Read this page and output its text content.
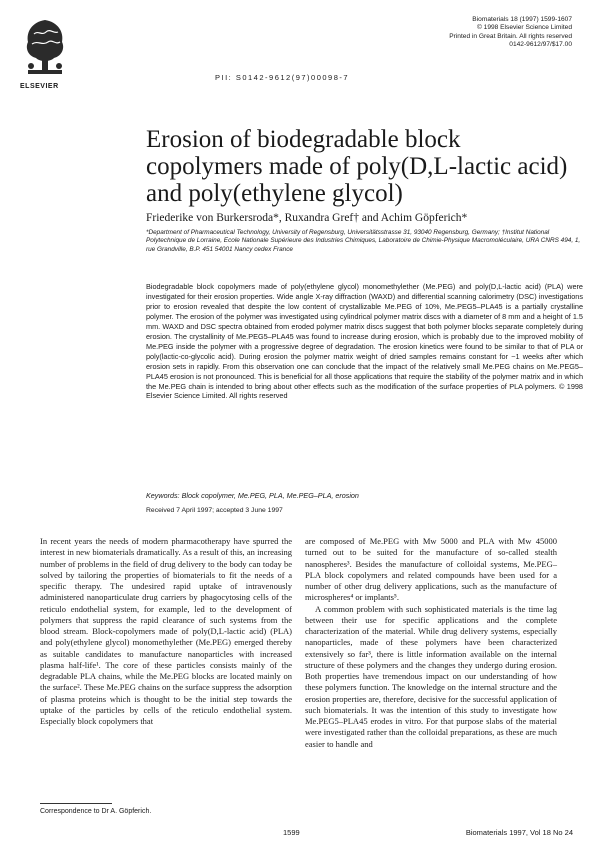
ELSEVIER
PII: S0142-9612(97)00098-7
Biomaterials 18 (1997) 1599-1607
© 1998 Elsevier Science Limited
Printed in Great Britain. All rights reserved
0142-9612/97/$17.00
Erosion of biodegradable block copolymers made of poly(D,L-lactic acid) and poly(ethylene glycol)
Friederike von Burkersroda*, Ruxandra Gref† and Achim Göpferich*
*Department of Pharmaceutical Technology, University of Regensburg, Universitätsstrasse 31, 93040 Regensburg, Germany; †Institut National Polytechnique de Lorraine, Ecole Nationale Supérieure des Industries Chimiques, Laboratoire de Chimie-Physique Macromoléculaire, URA CNRS 494, 1, rue Grandville, B.P. 451 54001 Nancy cedex France
Biodegradable block copolymers made of poly(ethylene glycol) monomethylether (Me.PEG) and poly(D,L-lactic acid) (PLA) were investigated for their erosion properties. Wide angle X-ray diffraction (WAXD) and differential scanning calorimetry (DSC) investigations prior to erosion revealed that despite the low content of crystallizable Me.PEG of 10%, Me.PEG5–PLA45 is a partially crystalline polymer. The erosion of the polymer was investigated using cylindrical polymer matrix discs with a diameter of 8 mm and a height of 1.5 mm. WAXD and DSC spectra obtained from eroded polymer matrix discs suggest that both polymer blocks separate completely during erosion. The crystallinity of Me.PEG5–PLA45 was found to increase during erosion, which is probably due to the improved mobility of Me.PEG inside the polymer with a progressive degree of degradation. The erosion kinetics were found to be similar to that of PLA or poly(lactic-co-glycolic acid). During erosion the polymer matrix weight of dried samples remains constant for ~1 weeks after which erosion sets in rapidly. From this observation one can conclude that the impact of the relatively small Me.PEG chains on Me.PEG5–PLA45 erosion is not pronounced. This is beneficial for all those applications that require the stability of the polymer matrix and in which the Me.PEG chain is intended to bring about other effects such as the modification of the surface properties of PLA polymers. © 1998 Elsevier Science Limited. All rights reserved
Keywords: Block copolymer, Me.PEG, PLA, Me.PEG–PLA, erosion
Received 7 April 1997; accepted 3 June 1997

In recent years the needs of modern pharmacotherapy have spurred the interest in new biomaterials dramatically. As a result of this, an increasing number of problems in the field of drug delivery to the body can today be solved by tailoring the properties of biomaterials to fit the needs of a specific therapy. The undesired rapid uptake of intravenously administered nanoparticulate drug carriers by phagocytosing cells of the reticulo endothelial system, for example, led to the development of polymers that suppress the rapid clearance of such systems from the blood stream. Block-copolymers made of poly(D,L-lactic acid) (PLA) and poly(ethylene glycol) monomethylether (Me.PEG) emerged thereby as suitable candidates to manufacture nanoparticles with increased plasma half-life¹. The core of these particles consists mainly of the degradable PLA chains, while the Me.PEG blocks are located mainly on the surface². These Me.PEG chains on the surface suppress the adsorption of plasma proteins which is thought to be the initial step towards the uptake of the particles by cells of the reticulo endothelial system. Especially block copolymers that

are composed of Me.PEG with Mw 5000 and PLA with Mw 45000 turned out to be suited for the manufacture of so-called stealth nanospheres³. Besides the manufacture of colloidal systems, Me.PEG–PLA block copolymers and related compounds have been used for a number of other drug delivery applications, such as the manufacture of microspheres⁴ or implants⁵.

A common problem with such sophisticated materials is the time lag between their use for specific applications and the complete characterization of the material. While drug delivery systems, especially nanoparticles, made of these polymers have been characterized extensively so far³, there is little information available on the internal structure of these polymers and the changes they undergo during erosion. Both properties have tremendous impact on our understanding of how these polymers function. The knowledge on the internal structure and the erosion properties are, therefore, decisive for the successful application of such biomaterials. It was the intention of this study to investigate how Me.PEG5–PLA45 erodes in vitro. For that purpose slabs of the material were investigated rather than the colloidal preparations, as these are much easier to handle and

Correspondence to Dr A. Göpferich.
1599	Biomaterials 1997, Vol 18 No 24
